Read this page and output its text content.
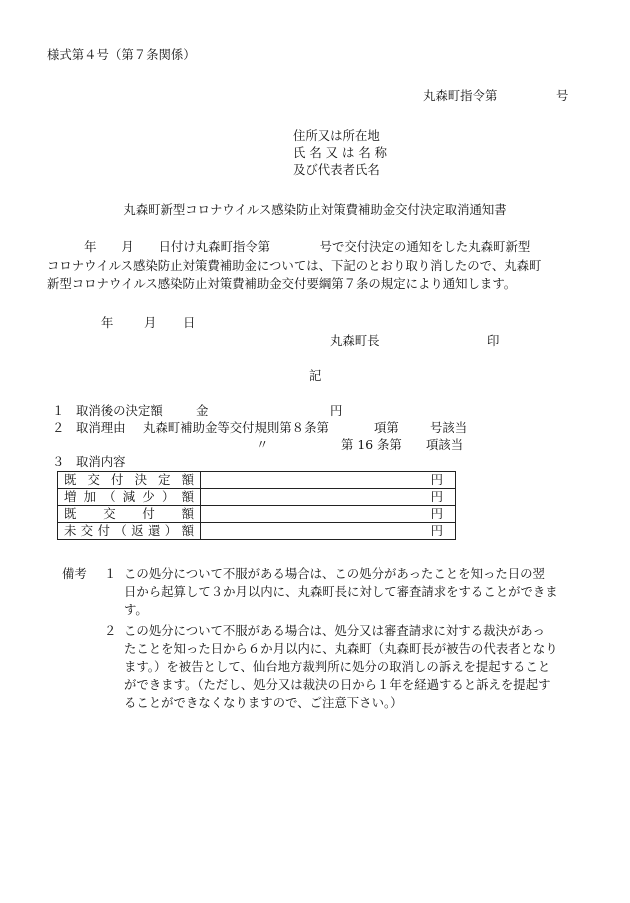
様式第４号（第７条関係）
丸森町指令第	号
住所又は所在地
氏 名 又 は 名 称
及び代表者氏名
丸森町新型コロナウイルス感染防止対策費補助金交付決定取消通知書
　　　年　　月　　日付け丸森町指令第　　　　号で交付決定の通知をした丸森町新型
コロナウイルス感染防止対策費補助金については、下記のとおり取り消したので、丸森町
新型コロナウイルス感染防止対策費補助金交付要綱第７条の規定により通知します。
年 月 日
丸森町長	印
記
１ 取消後の決定額	金	円
２ 取消理由 丸森町補助金等交付規則第８条第	項第	号該当
〃	第 16 条第 項該当
３ 取消内容
既交付決定額	円
増加（減少）額	円
既交付額	円
未交付（返還）額	円
備考	１ この処分について不服がある場合は、この処分があったことを知った日の翌
日から起算して３か月以内に、丸森町長に対して審査請求をすることができま
す。
２ この処分について不服がある場合は、処分又は審査請求に対する裁決があっ
たことを知った日から６か月以内に、丸森町（丸森町長が被告の代表者となり
ます。）を被告として、仙台地方裁判所に処分の取消しの訴えを提起すること
ができます。（ただし、処分又は裁決の日から１年を経過すると訴えを提起す
ることができなくなりますので、ご注意下さい。）
